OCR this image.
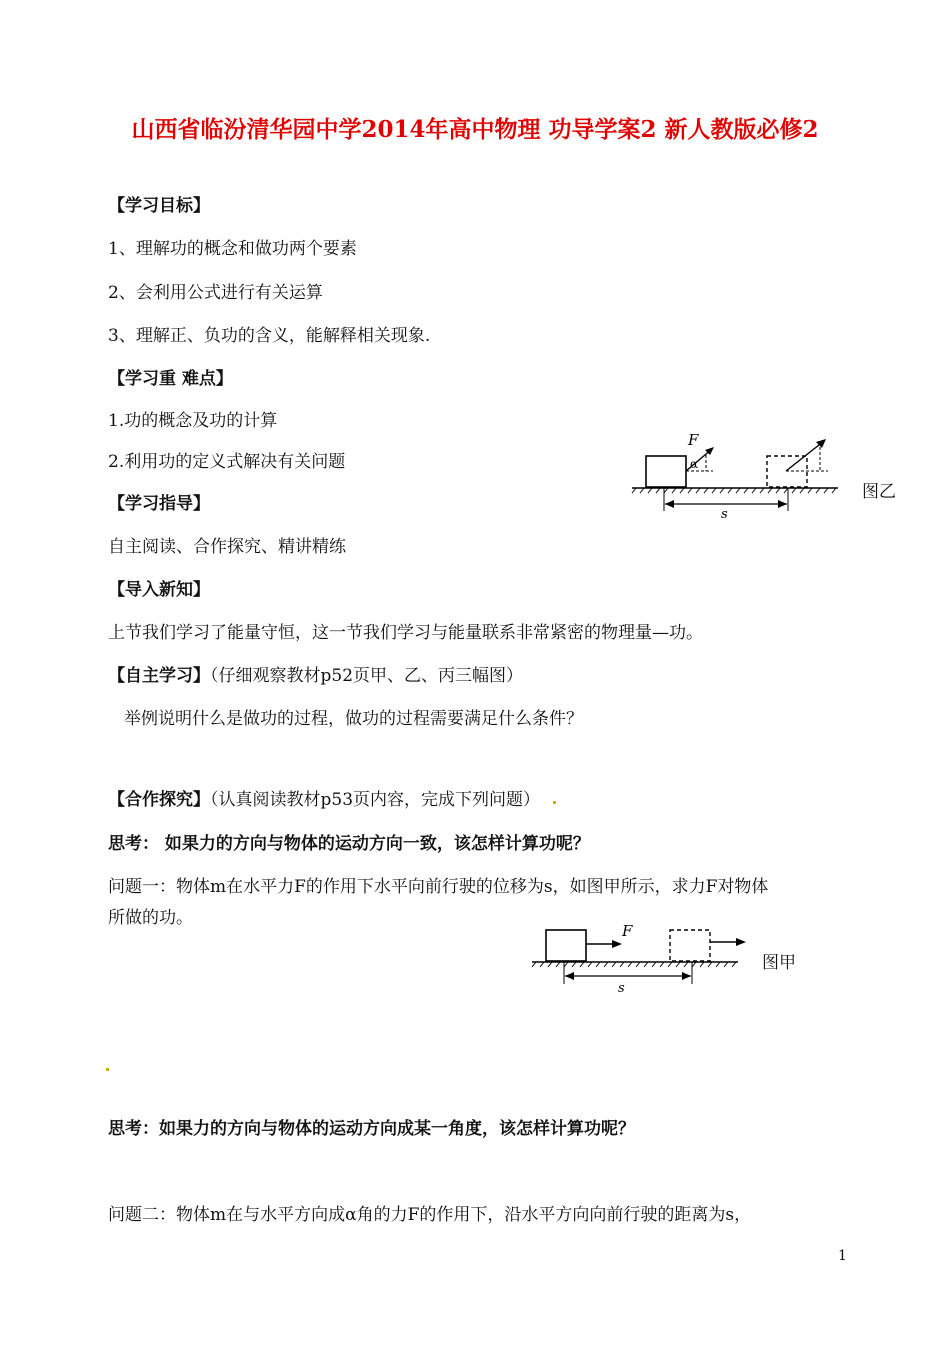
山西省临汾清华园中学2014年高中物理 功导学案2 新人教版必修2
【学习目标】
1、理解功的概念和做功两个要素
2、会利用公式进行有关运算
3、理解正、负功的含义，能解释相关现象.
【学习重 难点】
1.功的概念及功的计算
2.利用功的定义式解决有关问题
F
α
s
图乙
【学习指导】
自主阅读、合作探究、精讲精练
【导入新知】
上节我们学习了能量守恒，这一节我们学习与能量联系非常紧密的物理量—功。
【自主学习】（仔细观察教材p52页甲、乙、丙三幅图）
举例说明什么是做功的过程，做功的过程需要满足什么条件？
【合作探究】（认真阅读教材p53页内容，完成下列问题）
思考： 如果力的方向与物体的运动方向一致，该怎样计算功呢？
问题一：物体m在水平力F的作用下水平向前行驶的位移为s，如图甲所示，求力F对物体
所做的功。
F
s
图甲
思考：如果力的方向与物体的运动方向成某一角度，该怎样计算功呢？
问题二：物体m在与水平方向成α角的力F的作用下，沿水平方向向前行驶的距离为s，
1
